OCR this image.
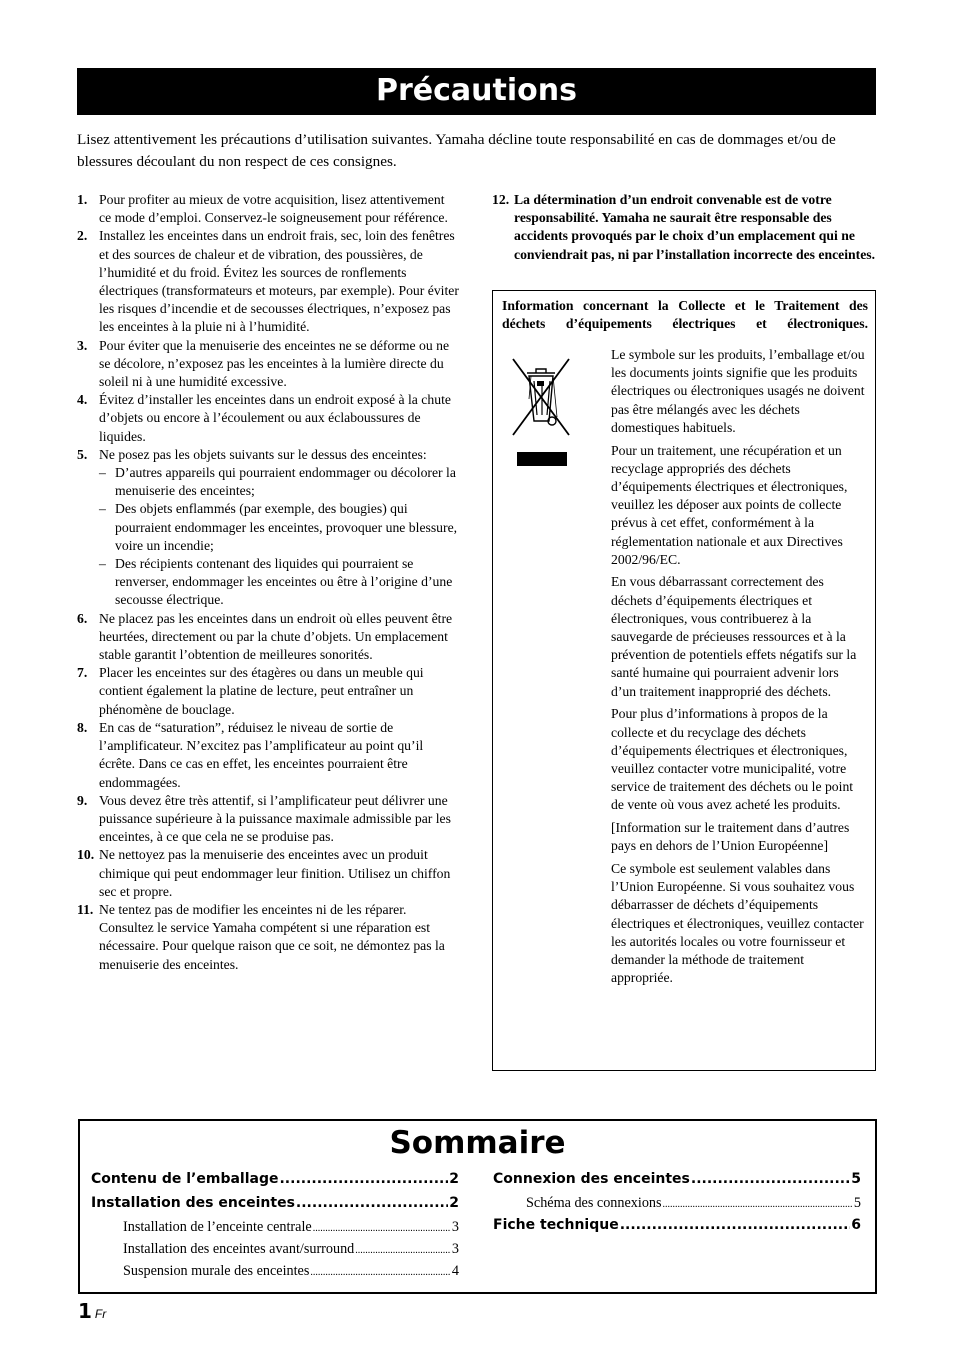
Précautions
Lisez attentivement les précautions d’utilisation suivantes. Yamaha décline toute responsabilité en cas de dommages et/ou de blessures découlant du non respect de ces consignes.
1. Pour profiter au mieux de votre acquisition, lisez attentivement ce mode d’emploi. Conservez-le soigneusement pour référence.
2. Installez les enceintes dans un endroit frais, sec, loin des fenêtres et des sources de chaleur et de vibration, des poussières, de l’humidité et du froid. Évitez les sources de ronflements électriques (transformateurs et moteurs, par exemple). Pour éviter les risques d’incendie et de secousses électriques, n’exposez pas les enceintes à la pluie ni à l’humidité.
3. Pour éviter que la menuiserie des enceintes ne se déforme ou ne se décolore, n’exposez pas les enceintes à la lumière directe du soleil ni à une humidité excessive.
4. Évitez d’installer les enceintes dans un endroit exposé à la chute d’objets ou encore à l’écoulement ou aux éclaboussures de liquides.
5. Ne posez pas les objets suivants sur le dessus des enceintes:
– D’autres appareils qui pourraient endommager ou décolorer la menuiserie des enceintes;
– Des objets enflammés (par exemple, des bougies) qui pourraient endommager les enceintes, provoquer une blessure, voire un incendie;
– Des récipients contenant des liquides qui pourraient se renverser, endommager les enceintes ou être à l’origine d’une secousse électrique.
6. Ne placez pas les enceintes dans un endroit où elles peuvent être heurtées, directement ou par la chute d’objets. Un emplacement stable garantit l’obtention de meilleures sonorités.
7. Placer les enceintes sur des étagères ou dans un meuble qui contient également la platine de lecture, peut entraîner un phénomène de bouclage.
8. En cas de “saturation”, réduisez le niveau de sortie de l’amplificateur. N’excitez pas l’amplificateur au point qu’il écrête. Dans ce cas en effet, les enceintes pourraient être endommagées.
9. Vous devez être très attentif, si l’amplificateur peut délivrer une puissance supérieure à la puissance maximale admissible par les enceintes, à ce que cela ne se produise pas.
10. Ne nettoyez pas la menuiserie des enceintes avec un produit chimique qui peut endommager leur finition. Utilisez un chiffon sec et propre.
11. Ne tentez pas de modifier les enceintes ni de les réparer. Consultez le service Yamaha compétent si une réparation est nécessaire. Pour quelque raison que ce soit, ne démontez pas la menuiserie des enceintes.
12. La détermination d’un endroit convenable est de votre responsabilité. Yamaha ne saurait être responsable des accidents provoqués par le choix d’un emplacement qui ne conviendrait pas, ni par l’installation incorrecte des enceintes.
Information concernant la Collecte et le Traitement des déchets d’équipements électriques et électroniques.

Le symbole sur les produits, l’emballage et/ou les documents joints signifie que les produits électriques ou électroniques usagés ne doivent pas être mélangés avec les déchets domestiques habituels.

Pour un traitement, une récupération et un recyclage appropriés des déchets d’équipements électriques et électroniques, veuillez les déposer aux points de collecte prévus à cet effet, conformément à la réglementation nationale et aux Directives 2002/96/EC.

En vous débarrassant correctement des déchets d’équipements électriques et électroniques, vous contribuerez à la sauvegarde de précieuses ressources et à la prévention de potentiels effets négatifs sur la santé humaine qui pourraient advenir lors d’un traitement inapproprié des déchets.

Pour plus d’informations à propos de la collecte et du recyclage des déchets d’équipements électriques et électroniques, veuillez contacter votre municipalité, votre service de traitement des déchets ou le point de vente où vous avez acheté les produits.

[Information sur le traitement dans d’autres pays en dehors de l’Union Européenne]

Ce symbole est seulement valables dans l’Union Européenne. Si vous souhaitez vous débarrasser de déchets d’équipements électriques et électroniques, veuillez contacter les autorités locales ou votre fournisseur et demander la méthode de traitement appropriée.

Sommaire
Contenu de l’emballage .....	2
Installation des enceintes .....	2
Installation de l’enceinte centrale .....	3
Installation des enceintes avant/surround .....	3
Suspension murale des enceintes .....	4
Connexion des enceintes .....	5
Schéma des connexions .....	5
Fiche technique .....	6
1 Fr
